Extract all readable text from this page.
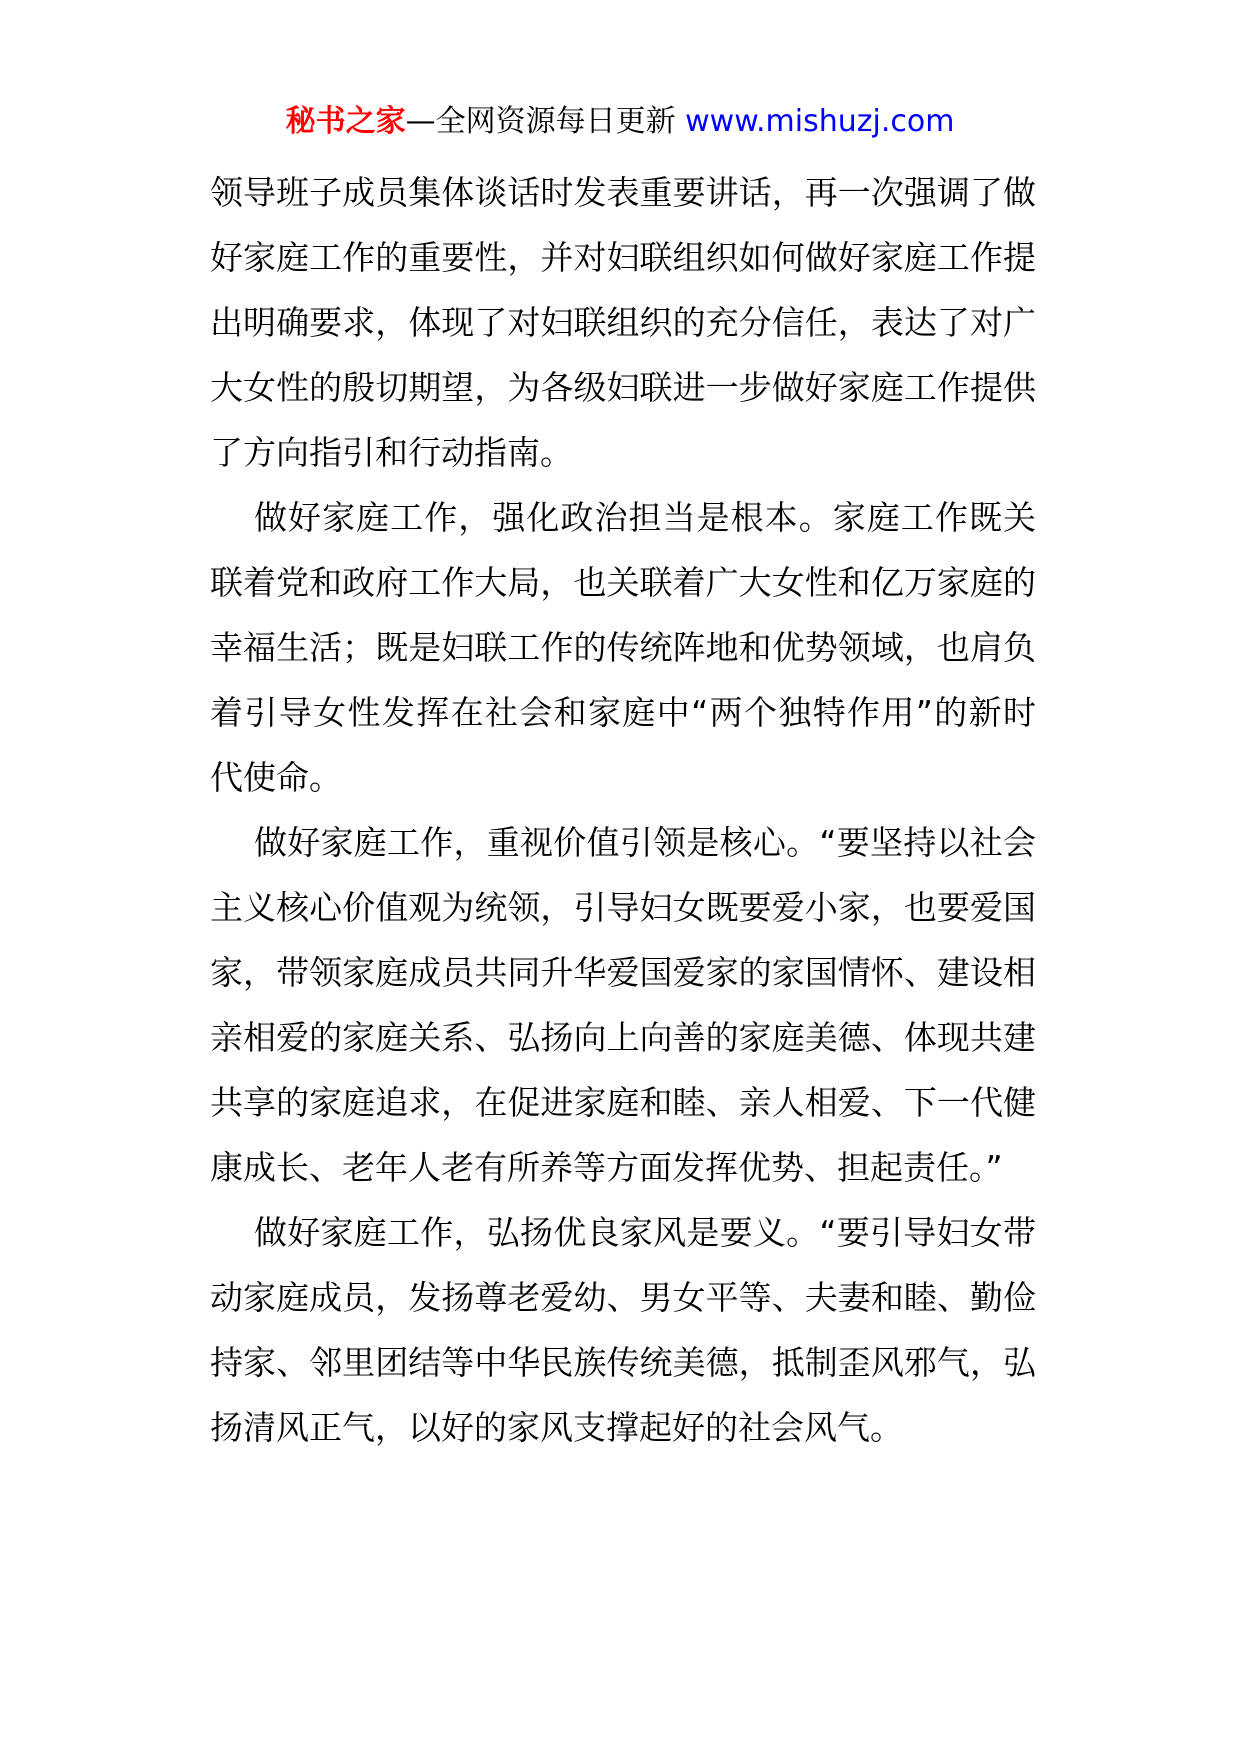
秘书之家—全网资源每日更新 www.mishuzj.com

领导班子成员集体谈话时发表重要讲话，再一次强调了做好家庭工作的重要性，并对妇联组织如何做好家庭工作提出明确要求，体现了对妇联组织的充分信任，表达了对广大女性的殷切期望，为各级妇联进一步做好家庭工作提供了方向指引和行动指南。

做好家庭工作，强化政治担当是根本。家庭工作既关联着党和政府工作大局，也关联着广大女性和亿万家庭的幸福生活；既是妇联工作的传统阵地和优势领域，也肩负着引导女性发挥在社会和家庭中“两个独特作用”的新时代使命。

做好家庭工作，重视价值引领是核心。“要坚持以社会主义核心价值观为统领，引导妇女既要爱小家，也要爱国家，带领家庭成员共同升华爱国爱家的家国情怀、建设相亲相爱的家庭关系、弘扬向上向善的家庭美德、体现共建共享的家庭追求，在促进家庭和睦、亲人相爱、下一代健康成长、老年人老有所养等方面发挥优势、担起责任。”

做好家庭工作，弘扬优良家风是要义。“要引导妇女带动家庭成员，发扬尊老爱幼、男女平等、夫妻和睦、勤俭持家、邻里团结等中华民族传统美德，抵制歪风邪气，弘扬清风正气，以好的家风支撑起好的社会风气。
